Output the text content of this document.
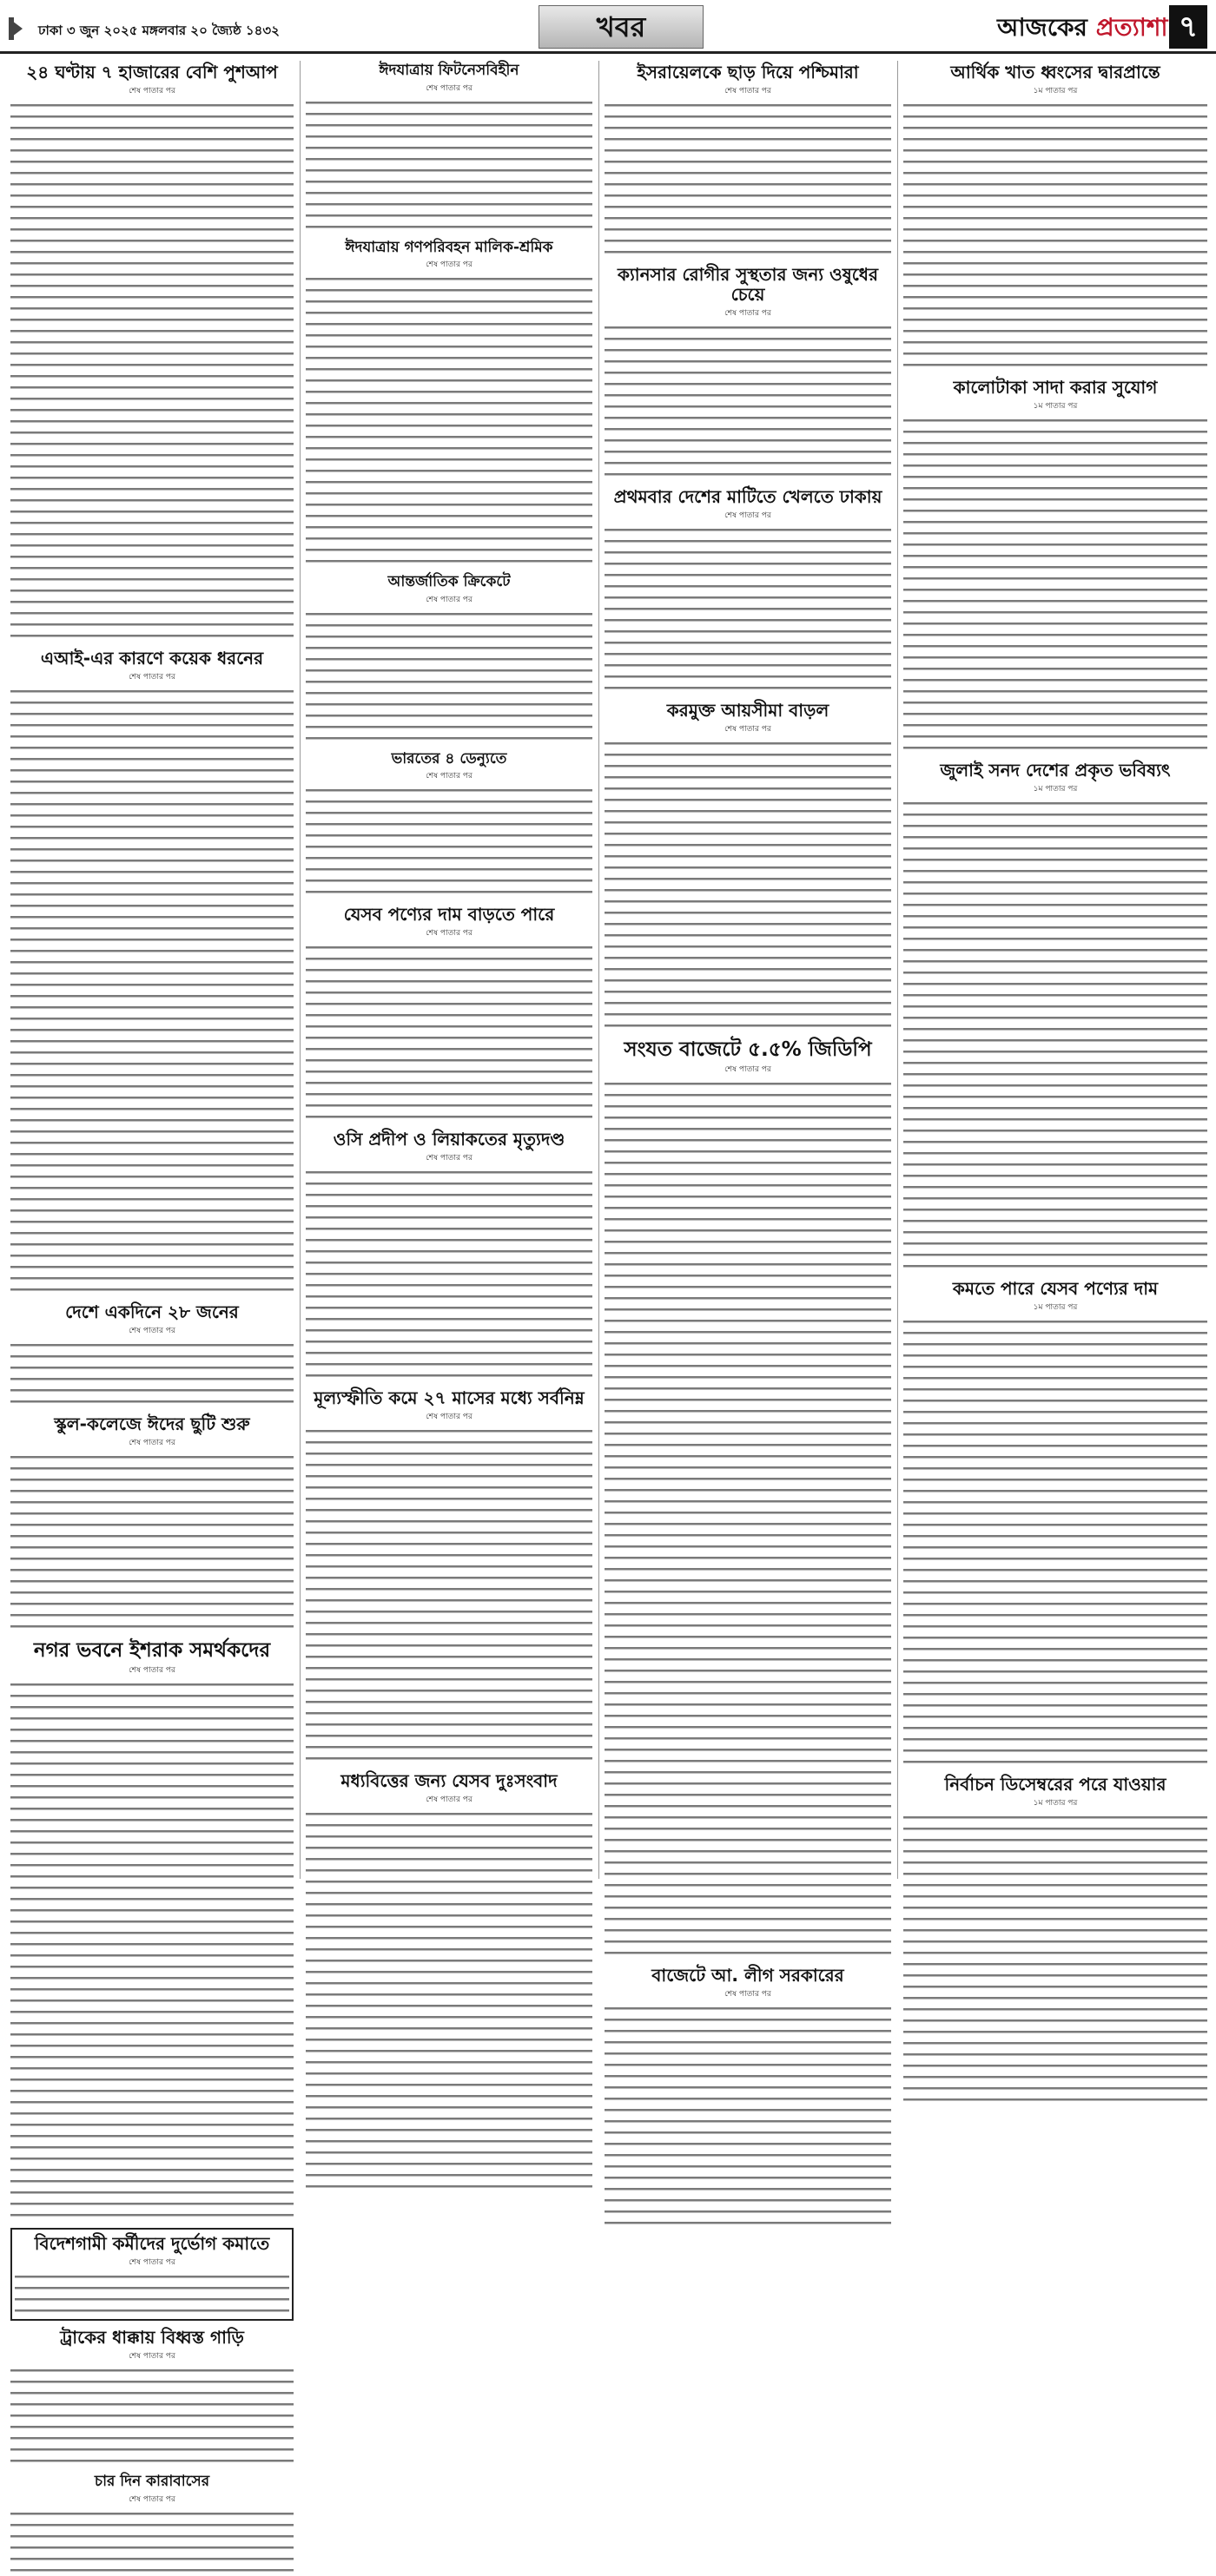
ঢাকা ৩ জুন ২০২৫ মঙ্গলবার ২০ জ্যৈষ্ঠ ১৪৩২	খবর	আজকের প্রত্যাশা ৭
২৪ ঘণ্টায় ৭ হাজারের বেশি পুশআপ
শেষ পাতার পর
এআই-এর কারণে কয়েক ধরনের
শেষ পাতার পর
দেশে একদিনে ২৮ জনের
শেষ পাতার পর
স্কুল-কলেজে ঈদের ছুটি শুরু
শেষ পাতার পর
নগর ভবনে ইশরাক সমর্থকদের
শেষ পাতার পর
বিদেশগামী কর্মীদের দুর্ভোগ কমাতে
শেষ পাতার পর
ট্রাকের ধাক্কায় বিধ্বস্ত গাড়ি
শেষ পাতার পর
চার দিন কারাবাসের
শেষ পাতার পর
ঈদযাত্রায় ফিটনেসবিহীন
শেষ পাতার পর
ঈদযাত্রায় গণপরিবহন মালিক-শ্রমিক
শেষ পাতার পর
আন্তর্জাতিক ক্রিকেটে
শেষ পাতার পর
ভারতের ৪ ডেন্যুতে
শেষ পাতার পর
যেসব পণ্যের দাম বাড়তে পারে
শেষ পাতার পর
ওসি প্রদীপ ও লিয়াকতের মৃত্যুদণ্ড
শেষ পাতার পর
মূল্যস্ফীতি কমে ২৭ মাসের মধ্যে সর্বনিম্ন
শেষ পাতার পর
মধ্যবিত্তের জন্য যেসব দুঃসংবাদ
শেষ পাতার পর
ইসরায়েলকে ছাড় দিয়ে পশ্চিমারা
শেষ পাতার পর
ক্যানসার রোগীর সুস্থতার জন্য ওষুধের চেয়ে
শেষ পাতার পর
প্রথমবার দেশের মাটিতে খেলতে ঢাকায়
শেষ পাতার পর
করমুক্ত আয়সীমা বাড়ল
শেষ পাতার পর
সংযত বাজেটে ৫.৫% জিডিপি
শেষ পাতার পর
বাজেটে আ. লীগ সরকারের
শেষ পাতার পর
আর্থিক খাত ধ্বংসের দ্বারপ্রান্তে
১ম পাতার পর
কালোটাকা সাদা করার সুযোগ
১ম পাতার পর
জুলাই সনদ দেশের প্রকৃত ভবিষ্যৎ
১ম পাতার পর
কমতে পারে যেসব পণ্যের দাম
১ম পাতার পর
নির্বাচন ডিসেম্বরের পরে যাওয়ার
১ম পাতার পর
